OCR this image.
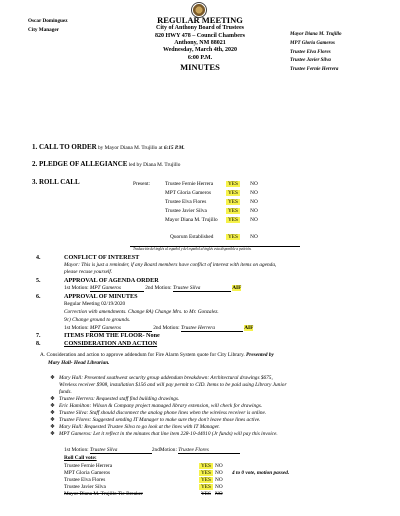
Oscar Dominguez
City Manager
REGULAR MEETING
City of Anthony Board of Trustees
820 HWY 478 – Council Chambers
Anthony, NM 88021
Wednesday, March 4th, 2020
6:00 P.M.
MINUTES
Mayor Diana M. Trujillo
MPT Gloria Gameros
Trustee Elva Flores
Trustee Javier Silva
Trustee Fernie Herrera
1. CALL TO ORDER by Mayor Diana M. Trujillo at 6:15 P.M.
2. PLEDGE OF ALLEGIANCE led by Diana M. Trujillo
3. ROLL CALL	Present:	Trustee Fernie Herrera	YES	NO
MPT Gloria Gameros	YES	NO
Trustee Elva Flores	YES	NO
Trustee Javier Silva	YES	NO
Mayor Diana M. Trujillo	YES	NO
Quorum Established	YES	NO
Traducción del inglés al español y del español al inglés esta disponible a petición.
4.	CONFLICT OF INTEREST
Mayor: This is just a reminder, if any Board members have conflict of interest with items on agenda,
please recuse yourself.
5.	APPROVAL OF AGENDA ORDER
1st Motion: MPT Gameros	2nd Motion: Trustee Silva	AIF
6.	APPROVAL OF MINUTES
Regular Meeting 02/19/2020
Correction with amendments. Change 8A) Change Mrs. to Mr. Gonzalez.
9c) Change ground to grounds.
1st Motion: MPT Gameros	2nd Motion: Trustee Herrera	AIF
7.	ITEMS FROM THE FLOOR- None
8.	CONSIDERATION AND ACTION
A. Consideration and action to approve addendum for Fire Alarm System quote for City Library. Presented by
Mary Hall- Head Librarian.
❖ Mary Hall: Presented southwest security group addendum breakdown: Architectural drawings $675,
Wireless receiver $908, installation $156 and will pay permit to CID. Items to be paid using Library Junior
funds.
❖ Trustee Herrera: Requested staff find building drawings.
❖ Eric Hamilton: Wilson & Company project managed library extension, will check for drawings.
❖ Trustee Silva: Staff should disconnect the analog phone lines when the wireless receiver is online.
❖ Trustee Flores: Suggested sending IT Manager to make sure they don't leave those lines active.
❖ Mary Hall: Requested Trustee Silva to go look at the lines with IT Manager.
❖ MPT Gameros: Let it reflect in the minutes that line item 228-10-44010 (Jr funds) will pay this invoice.
1st Motion: Trustee Silva	2ndMotion: Trustee Flores
Roll Call vote:
Trustee Fernie Herrera	YES NO
MPT Gloria Gameros	YES NO 4 to 0 vote, motion passed.
Trustee Elva Flores	YES NO
Trustee Javier Silva	YES NO
Mayor Diana M. Trujillo Tie Breaker	YES NO
